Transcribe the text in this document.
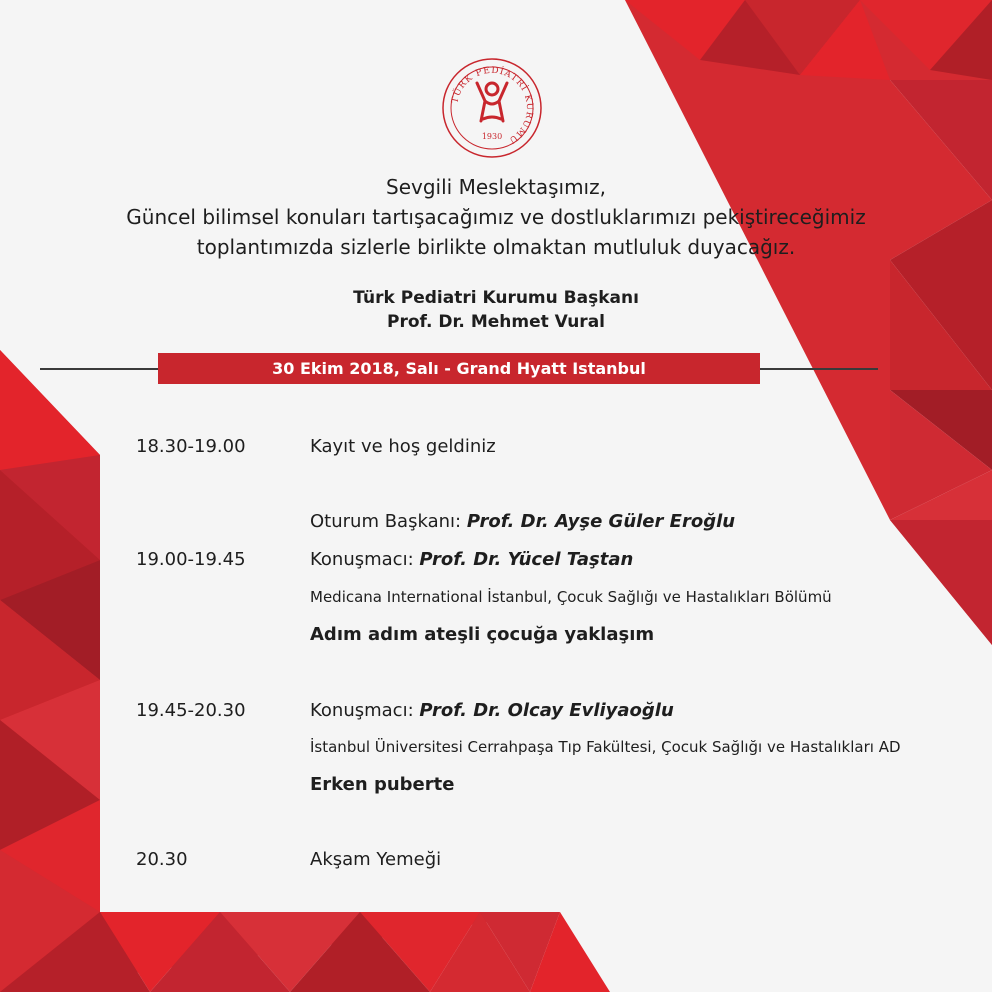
TÜRK PEDİATRİ KURUMU
1930
Sevgili Meslektaşımız,
Güncel bilimsel konuları tartışacağımız ve dostluklarımızı pekiştireceğimiz
toplantımızda sizlerle birlikte olmaktan mutluluk duyacağız.
Türk Pediatri Kurumu Başkanı
Prof. Dr. Mehmet Vural
30 Ekim 2018, Salı - Grand Hyatt Istanbul
18.30-19.00	Kayıt ve hoş geldiniz
Oturum Başkanı: Prof. Dr. Ayşe Güler Eroğlu
19.00-19.45	Konuşmacı: Prof. Dr. Yücel Taştan
Medicana International İstanbul, Çocuk Sağlığı ve Hastalıkları Bölümü
Adım adım ateşli çocuğa yaklaşım
19.45-20.30	Konuşmacı: Prof. Dr. Olcay Evliyaoğlu
İstanbul Üniversitesi Cerrahpaşa Tıp Fakültesi, Çocuk Sağlığı ve Hastalıkları AD
Erken puberte
20.30	Akşam Yemeği
